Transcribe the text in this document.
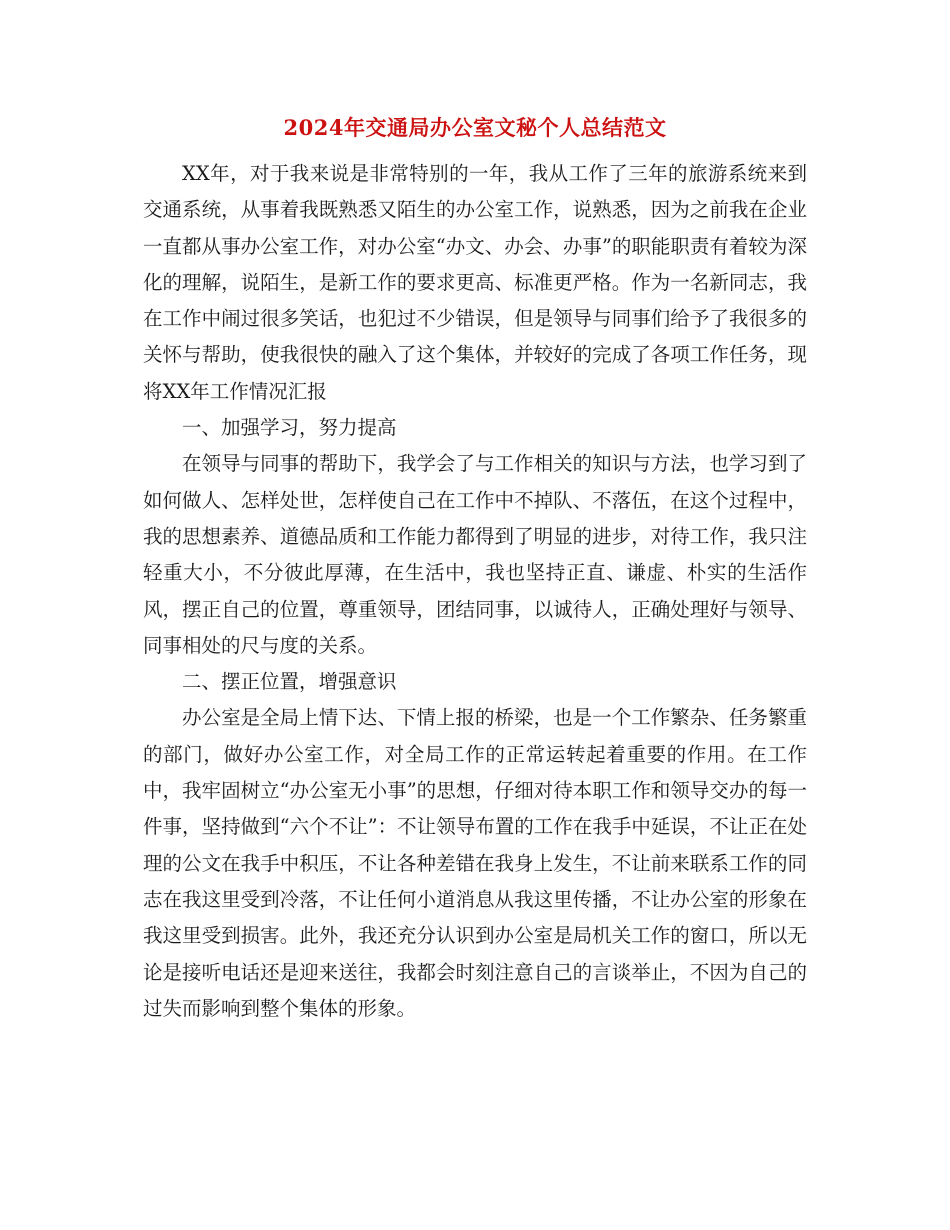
2024年交通局办公室文秘个人总结范文

XX年，对于我来说是非常特别的一年，我从工作了三年的旅游系统来到交通系统，从事着我既熟悉又陌生的办公室工作，说熟悉，因为之前我在企业一直都从事办公室工作，对办公室“办文、办会、办事”的职能职责有着较为深化的理解，说陌生，是新工作的要求更高、标准更严格。作为一名新同志，我在工作中闹过很多笑话，也犯过不少错误，但是领导与同事们给予了我很多的关怀与帮助，使我很快的融入了这个集体，并较好的完成了各项工作任务，现将XX年工作情况汇报

一、加强学习，努力提高

在领导与同事的帮助下，我学会了与工作相关的知识与方法，也学习到了如何做人、怎样处世，怎样使自己在工作中不掉队、不落伍，在这个过程中，我的思想素养、道德品质和工作能力都得到了明显的进步，对待工作，我只注轻重大小，不分彼此厚薄，在生活中，我也坚持正直、谦虚、朴实的生活作风，摆正自己的位置，尊重领导，团结同事，以诚待人，正确处理好与领导、同事相处的尺与度的关系。

二、摆正位置，增强意识

办公室是全局上情下达、下情上报的桥梁，也是一个工作繁杂、任务繁重的部门，做好办公室工作，对全局工作的正常运转起着重要的作用。在工作中，我牢固树立“办公室无小事”的思想，仔细对待本职工作和领导交办的每一件事，坚持做到“六个不让”：不让领导布置的工作在我手中延误，不让正在处理的公文在我手中积压，不让各种差错在我身上发生，不让前来联系工作的同志在我这里受到冷落，不让任何小道消息从我这里传播，不让办公室的形象在我这里受到损害。此外，我还充分认识到办公室是局机关工作的窗口，所以无论是接听电话还是迎来送往，我都会时刻注意自己的言谈举止，不因为自己的过失而影响到整个集体的形象。
